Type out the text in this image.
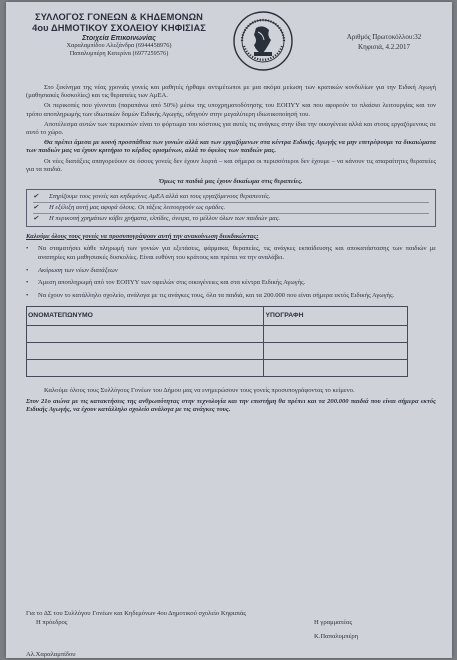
ΣΥΛΛΟΓΟΣ ΓΟΝΕΩΝ & ΚΗΔΕΜΟΝΩΝ
4ου ΔΗΜΟΤΙΚΟΥ ΣΧΟΛΕΙΟΥ ΚΗΦΙΣΙΑΣ
Στοιχεία Επικοινωνίας
Χαραλαμπίδου Αλεξάνδρα (6944458976)
Παπαλυμπέρη Κατερίνα (6977259576)
Αριθμός Πρωτοκόλλου:32
Κηφισιά, 4.2.2017

Στο ξεκίνημα της νέας χρονιάς γονείς και μαθητές ήρθαμε αντιμέτωποι με μια ακόμα μείωση των κρατικών κονδυλίων για την Ειδική Αγωγή (μαθησιακές δυσκολίες) και τις θεραπείες των ΑμΕΑ.

Οι περικοπές που γίνονται (παραπάνω από 50%) μέσω της υποχρηματοδότησης του ΕΟΠΥΥ και που αφορούν το πλαίσιο λειτουργίας και τον τρόπο αποπληρωμής των ιδιωτικών δομών Ειδικής Αγωγής, οδηγούν στην μεγαλύτερη ιδιωτικοποίησή του.

Αποτέλεσμα αυτών των περικοπών είναι το φόρτωμα του κόστους για αυτές τις ανάγκες στην ίδια την οικογένεια αλλά και στους εργαζόμενους σε αυτό το χώρο.

Θα πρέπει άμεσα με κοινή προσπάθεια των γονιών αλλά και των εργαζόμενων στα κέντρα Ειδικής Αγωγής να μην επιτρέψουμε τα δικαιώματα των παιδιών μας να έχουν κριτήριο το κέρδος ορισμένων, αλλά το όφελος των παιδιών μας.

Οι νέες διατάξεις απαγορεύουν σε όσους γονείς δεν έχουν λεφτά – και σήμερα οι περισσότεροι δεν έχουμε – να κάνουν τις απαραίτητες θεραπείες για τα παιδιά.

Όμως τα παιδιά μας έχουν δικαίωμα στις θεραπείες.

✔	Στηρίζουμε τους γονείς και κηδεμόνες ΑμΕΑ αλλά και τους εργαζόμενους θεραπευτές.
✔	Η εξέλιξη αυτή μας αφορά όλους. Οι τάξεις λειτουργούν ως ομάδες.
✔	Η περικοπή χρημάτων κόβει χρήματα, ελπίδες, όνειρα, το μέλλον όλων των παιδιών μας.

Καλούμε όλους τους γονείς να προσυπογράψουν αυτή την ανακοίνωση διεκδικώντας:

•	Να σταματήσει κάθε πληρωμή των γονιών για εξετάσεις, φάρμακα, θεραπείες, τις ανάγκες εκπαίδευσης και αποκατάστασης των παιδιών με αναπηρίες και μαθησιακές δυσκολίες. Είναι ευθύνη του κράτους και πρέπει να την αναλάβει.
•	Ακύρωση των νέων διατάξεων
•	Άμεση αποπληρωμή από τον ΕΟΠΥΥ των οφειλών στις οικογένειες και στα κέντρα Ειδικής Αγωγής.
•	Να έχουν το κατάλληλο σχολείο, ανάλογα με τις ανάγκες τους, όλα τα παιδιά, και τα 200.000 που είναι σήμερα εκτός Ειδικής Αγωγής.
ΟΝΟΜΑΤΕΠΩΝΥΜΟ	ΥΠΟΓΡΑΦΗ

Καλούμε όλους τους Συλλόγους Γονέων του Δήμου μας να ενημερώσουν τους γονείς προσυπογράφοντας το κείμενο.

Στον 21ο αιώνα με τις κατακτήσεις της ανθρωπότητας στην τεχνολογία και την επιστήμη θα πρέπει και τα 200.000 παιδιά που είναι σήμερα εκτός Ειδικής Αγωγής, να έχουν κατάλληλο σχολείο ανάλογα με τις ανάγκες τους.

Για το ΔΣ του Συλλόγου Γονέων και Κηδεμόνων 4ου Δημοτικού σχολείο Κηφισιάς
Η πρόεδρος	Η γραμματέας
Κ.Παπαλυμπέρη
Αλ.Χαραλαμπίδου
